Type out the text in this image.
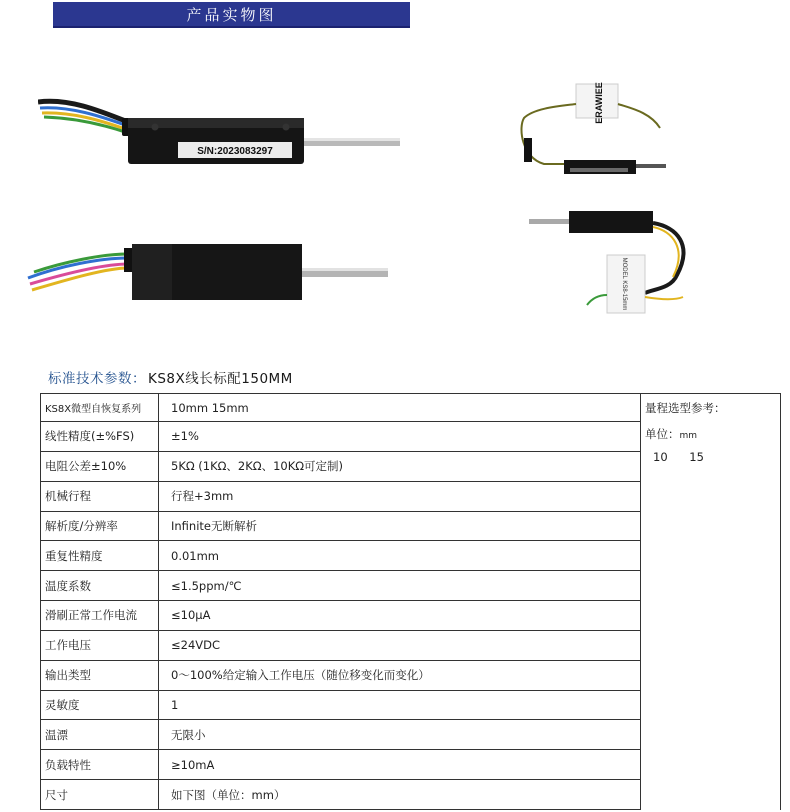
产品实物图
S/N:2023083297
ERAWIEE
MODEL KS8-15mm
标准技术参数： KS8X线长标配150MM
KS8X微型自恢复系列	10mm 15mm	量程选型参考：
单位：mm
10 15

线性精度(±%FS)	±1%	
电阻公差±10%	5KΩ (1KΩ、2KΩ、10KΩ可定制)	
机械行程	行程+3mm	
解析度/分辨率	Infinite无断解析	
重复性精度	0.01mm	
温度系数	≤1.5ppm/℃	
滑刷正常工作电流	≤10μA	
工作电压	≤24VDC	
输出类型	0～100%给定输入工作电压（随位移变化而变化）	
灵敏度	1	
温漂	无限小	
负载特性	≥10mA	
尺寸	如下图（单位：mm）	
